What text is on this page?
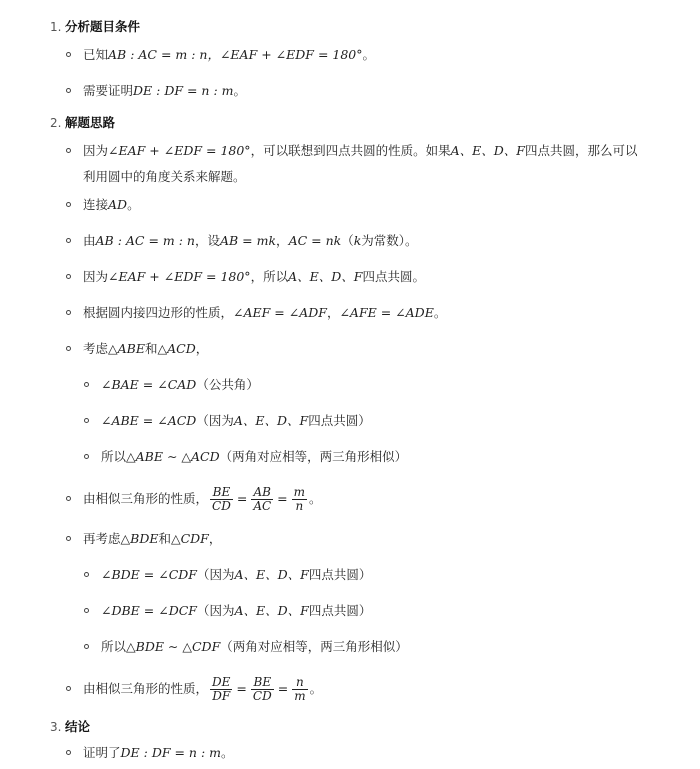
1. 分析题目条件
已知AB : AC = m : n，∠EAF + ∠EDF = 180°。
需要证明DE : DF = n : m。
2. 解题思路
因为∠EAF + ∠EDF = 180°，可以联想到四点共圆的性质。如果A、E、D、F四点共圆，那么可以
利用圆中的角度关系来解题。
连接AD。
由AB : AC = m : n，设AB = mk，AC = nk（k为常数）。
因为∠EAF + ∠EDF = 180°，所以A、E、D、F四点共圆。
根据圆内接四边形的性质，∠AEF = ∠ADF，∠AFE = ∠ADE。
考虑△ABE和△ACD，
∠BAE = ∠CAD（公共角）
∠ABE = ∠ACD（因为A、E、D、F四点共圆）
所以△ABE ∼ △ACD（两角对应相等，两三角形相似）
由相似三角形的性质， $\frac{BE}{CD} = \frac{AB}{AC} = \frac{m}{n}$ 。
再考虑△BDE和△CDF，
∠BDE = ∠CDF（因为A、E、D、F四点共圆）
∠DBE = ∠DCF（因为A、E、D、F四点共圆）
所以△BDE ∼ △CDF（两角对应相等，两三角形相似）
由相似三角形的性质， $\frac{DE}{DF} = \frac{BE}{CD} = \frac{n}{m}$ 。
3. 结论
证明了DE : DF = n : m。
